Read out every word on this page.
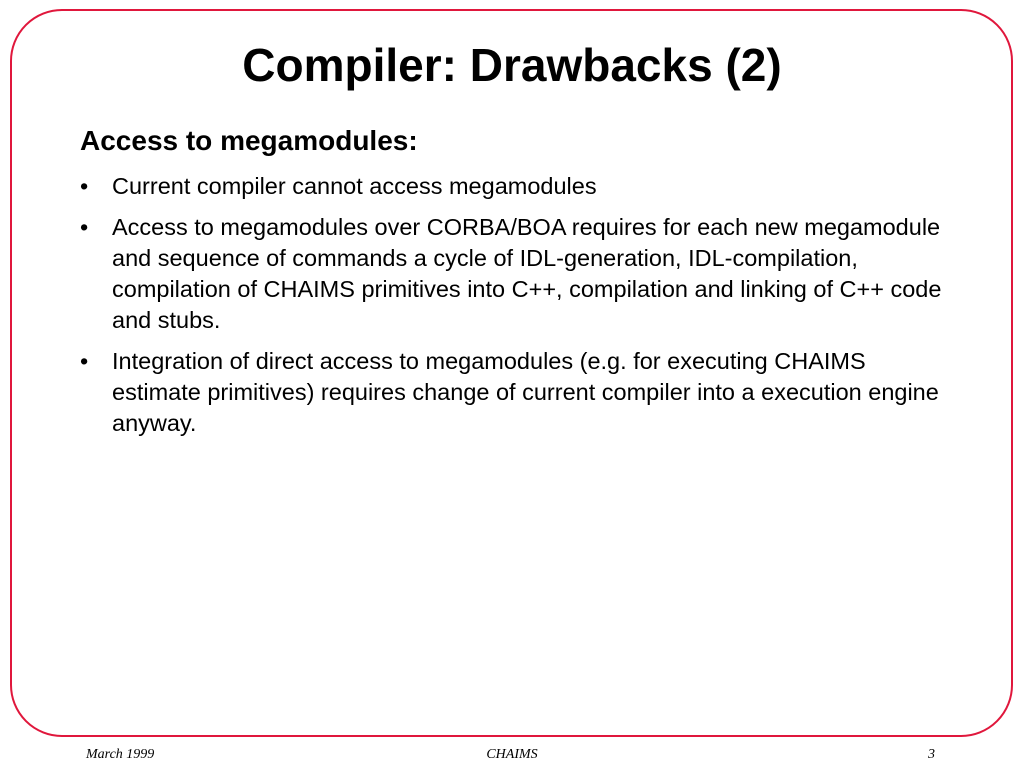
Compiler: Drawbacks (2)
Access to megamodules:
•	Current compiler cannot access megamodules
•	Access to megamodules over CORBA/BOA requires for each new megamodule and sequence of commands a cycle of IDL-generation, IDL-compilation, compilation of CHAIMS primitives into C++, compilation and linking of C++ code and stubs.
•	Integration of direct access to megamodules (e.g. for executing CHAIMS estimate primitives) requires change of current compiler into a execution engine anyway.
March 1999	CHAIMS	3
